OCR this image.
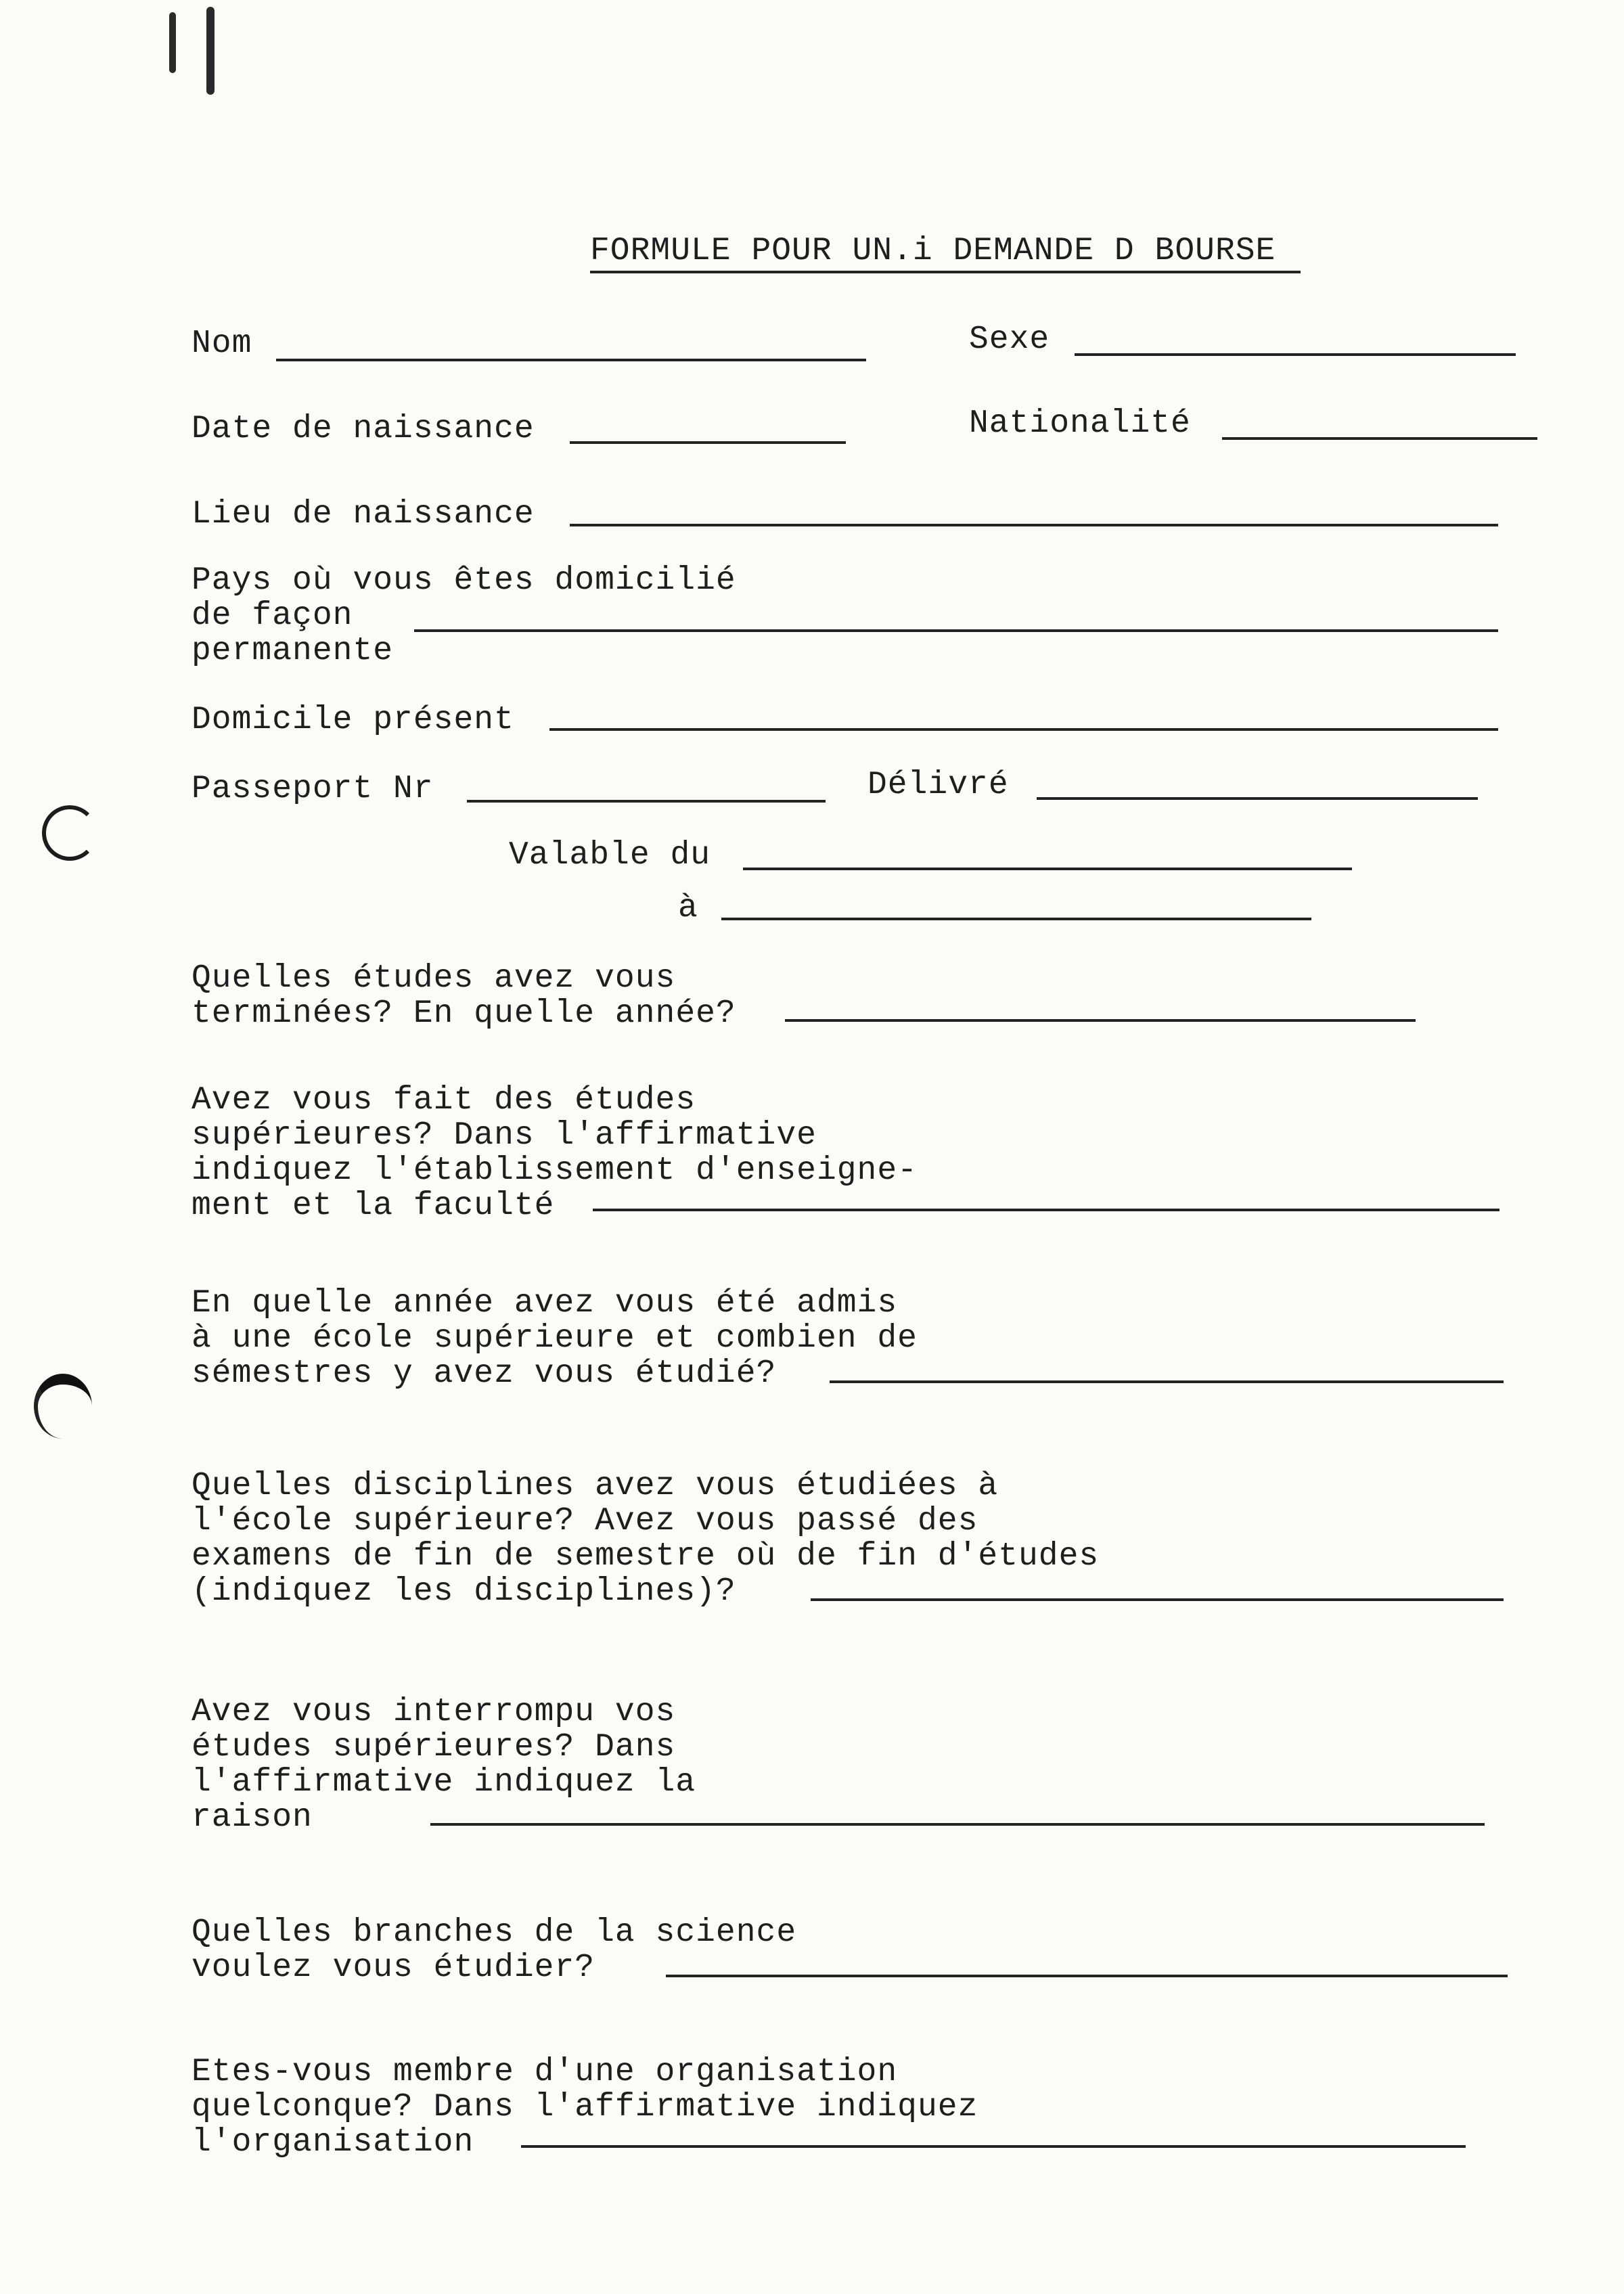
FORMULE POUR UN.i DEMANDE D BOURSE
Nom	Sexe
Date de naissance	Nationalité
Lieu de naissance
Pays où vous êtes domicilié
de façon
permanente
Domicile présent
Passeport Nr	Délivré
Valable du
à
Quelles études avez vous
terminées? En quelle année?
Avez vous fait des études
supérieures? Dans l'affirmative
indiquez l'établissement d'enseigne-
ment et la faculté
En quelle année avez vous été admis
à une école supérieure et combien de
sémestres y avez vous étudié?
Quelles disciplines avez vous étudiées à
l'école supérieure? Avez vous passé des
examens de fin de semestre où de fin d'études
(indiquez les disciplines)?
Avez vous interrompu vos
études supérieures? Dans
l'affirmative indiquez la
raison
Quelles branches de la science
voulez vous étudier?
Etes-vous membre d'une organisation
quelconque? Dans l'affirmative indiquez
l'organisation
